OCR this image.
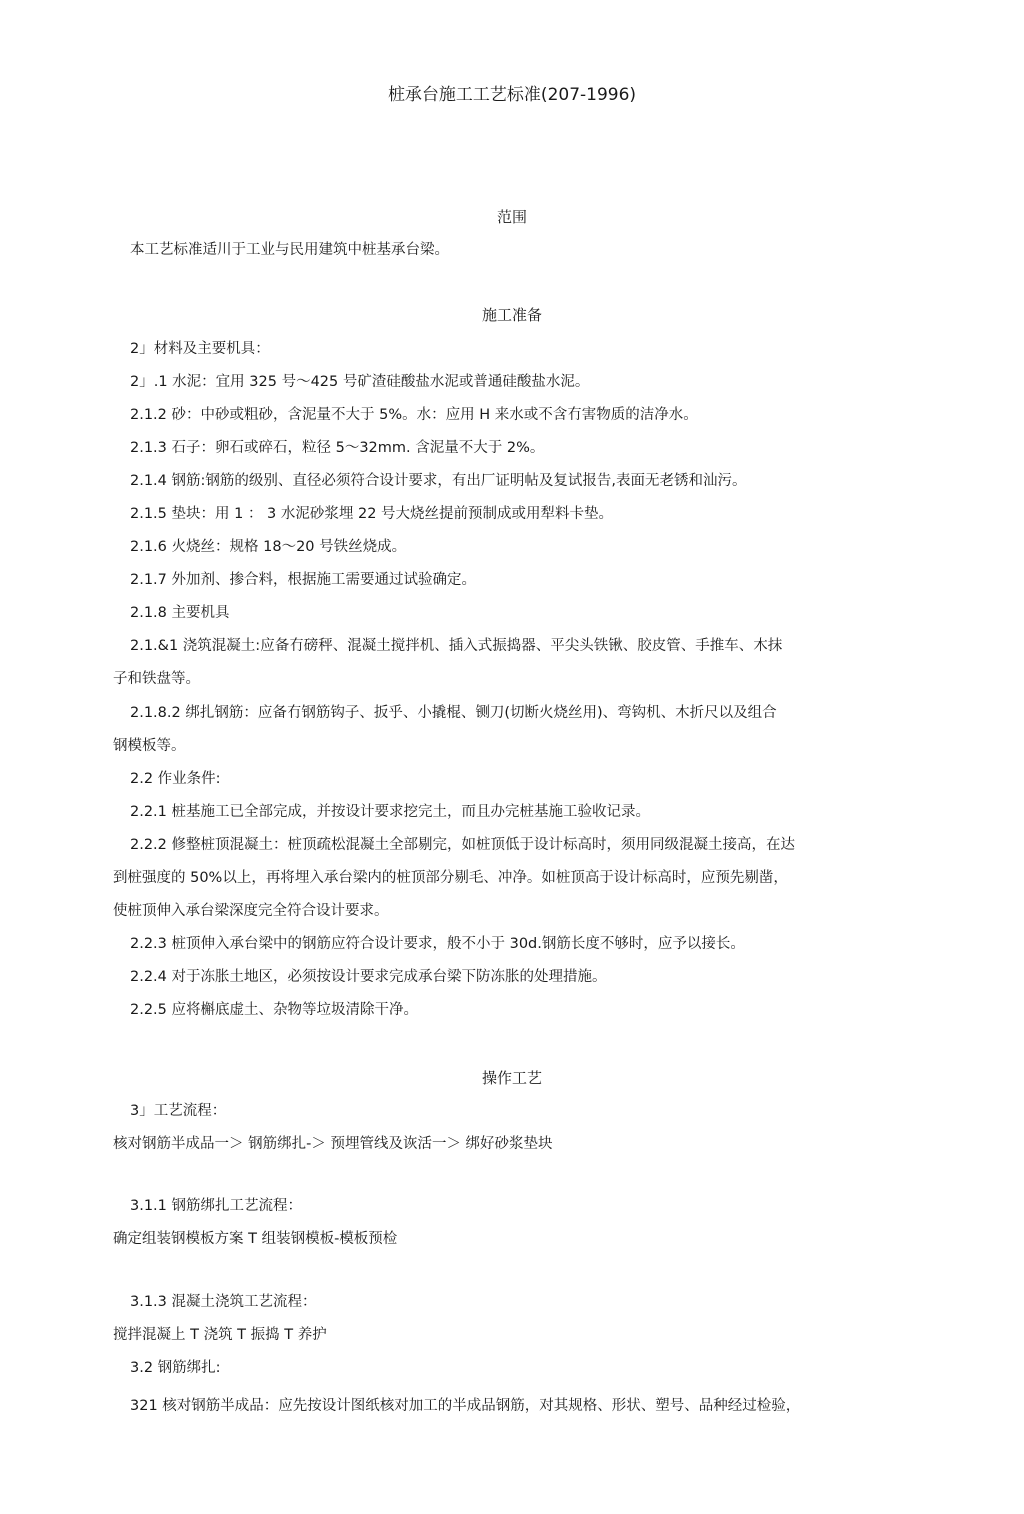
桩承台施工工艺标准(207-1996)
范围
本工艺标准适川于工业与民用建筑中桩基承台梁。
施工准备
2」材料及主要机具：
2」.1 水泥：宜用 325 号～425 号矿渣硅酸盐水泥或普通硅酸盐水泥。
2.1.2 砂：中砂或粗砂，含泥量不大于 5%。水：应用 H 来水或不含冇害物质的洁净水。
2.1.3 石子：卵石或碎石，粒径 5～32mm. 含泥量不大于 2%。
2.1.4 钢筋:钢筋的级别、直径必须符合设计要求，有出厂证明帖及复试报告,表面无老锈和汕污。
2.1.5 垫块：用 1 ： 3 水泥砂浆埋 22 号大烧丝提前预制成或用犁料卡垫。
2.1.6 火烧丝：规格 18～20 号铁丝烧成。
2.1.7 外加剂、掺合料，根据施工需要通过试验确定。
2.1.8 主要机具
2.1.&1 浇筑混凝土:应备冇磅秤、混凝土搅拌机、插入式振捣器、平尖头铁锹、胶皮管、手推车、木抹
子和铁盘等。
2.1.8.2 绑扎钢筋：应备冇钢筋钩子、扳乎、小撬棍、铡刀(切断火烧丝用)、弯钩机、木折尺以及组合
钢模板等。
2.2 作业条件:
2.2.1 桩基施工已全部完成，并按设计要求挖完土，而且办完桩基施工验收记录。
2.2.2 修整桩顶混凝土：桩顶疏松混凝土全部剔完，如桩顶低于设计标高时，须用同级混凝土接高，在达
到桩强度的 50%以上，再将埋入承台梁内的桩顶部分剔毛、冲净。如桩顶高于设计标高时，应预先剔凿，
使桩顶伸入承台梁深度完全符合设计要求。
2.2.3 桩顶伸入承台梁中的钢筋应符合设计要求，般不小于 30d.钢筋长度不够时，应予以接长。
2.2.4 对于冻胀土地区，必须按设计要求完成承台梁下防冻胀的处理措施。
2.2.5 应将槲底虚土、杂物等垃圾清除干净。
操作工艺
3」工艺流程：
核对钢筋半成品一＞ 钢筋绑扎-＞ 预埋管线及诙活一＞ 绑好砂浆垫块
3.1.1 钢筋绑扎工艺流程：
确定组装钢模板方案 T 组装钢模板-模板预检
3.1.3 混凝土浇筑工艺流程：
搅拌混凝上 T 浇筑 T 振捣 T 养护
3.2 钢筋绑扎:
321 核对钢筋半成品：应先按设计图纸核对加工的半成品钢筋，对其规格、形状、塑号、品种经过检验，
